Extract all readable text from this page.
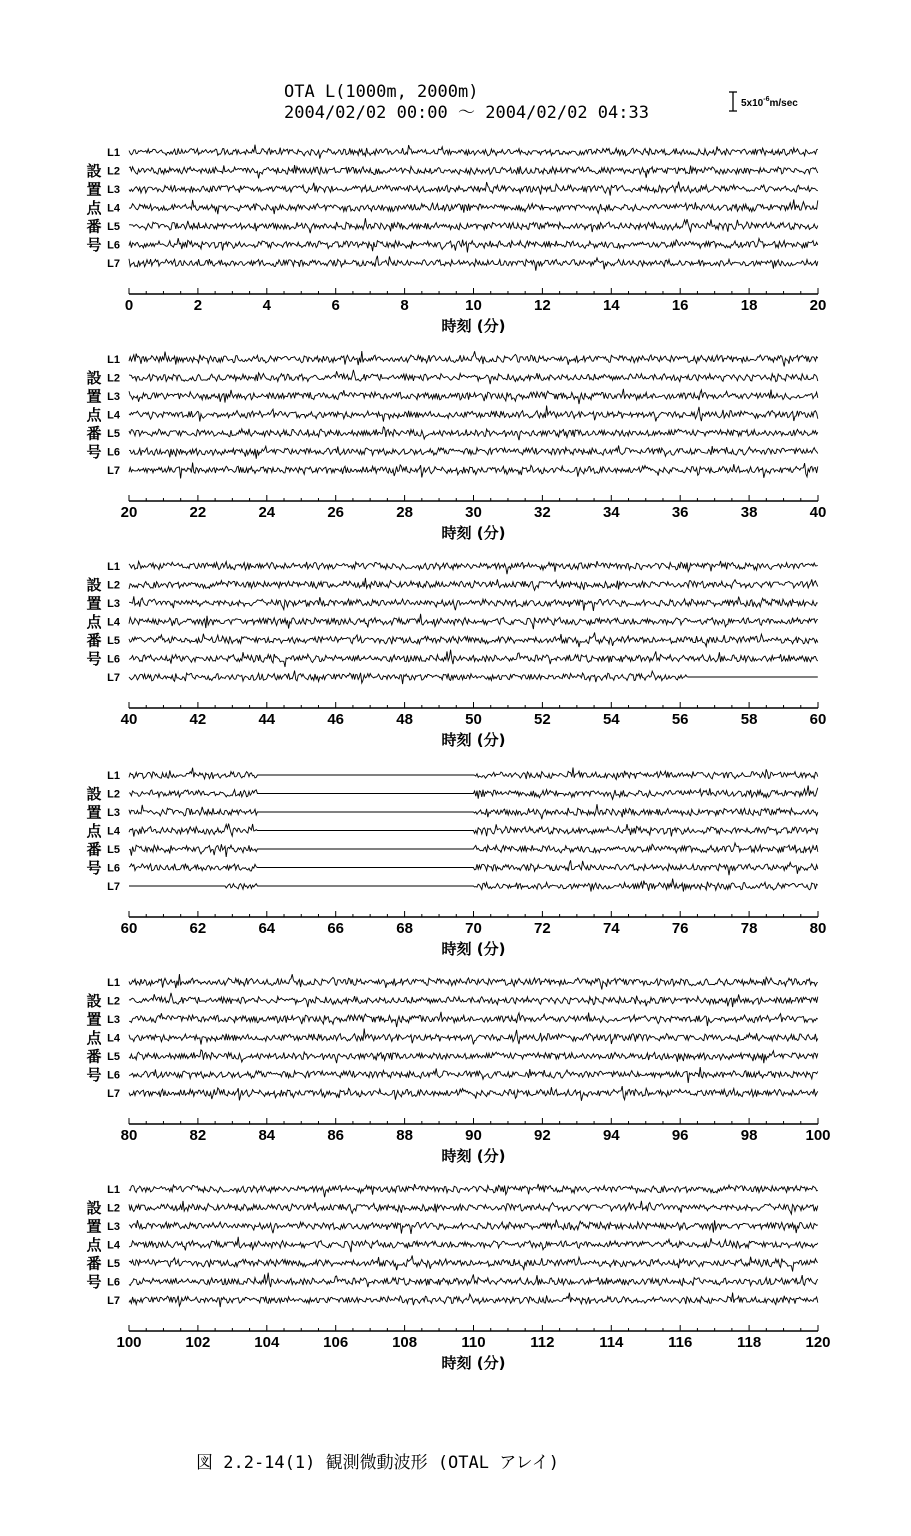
OTA L(1000m, 2000m)
2004/02/02 00:00 〜 2004/02/02 04:33	$5x10^{-6}m/\sec$
L1
L2
L3
L4
L5
L6
L7
設
置
点
番
号
0	2	4	6	8	10	12	14	16	18	20
時刻 (分)
L1
L2
L3
L4
L5
L6
L7
設
置
点
番
号
20	22	24	26	28	30	32	34	36	38	40
時刻 (分)
L1
L2
L3
L4
L5
L6
L7
設
置
点
番
号
40	42	44	46	48	50	52	54	56	58	60
時刻 (分)
L1
L2
L3
L4
L5
L6
L7
設
置
点
番
号
60	62	64	66	68	70	72	74	76	78	80
時刻 (分)
L1
L2
L3
L4
L5
L6
L7
設
置
点
番
号
80	82	84	86	88	90	92	94	96	98	100
時刻 (分)
L1
L2
L3
L4
L5
L6
L7
設
置
点
番
号
100	102	104	106	108	110	112	114	116	118	120
時刻 (分)
図 2.2-14(1) 観測微動波形 (OTAL アレイ)
